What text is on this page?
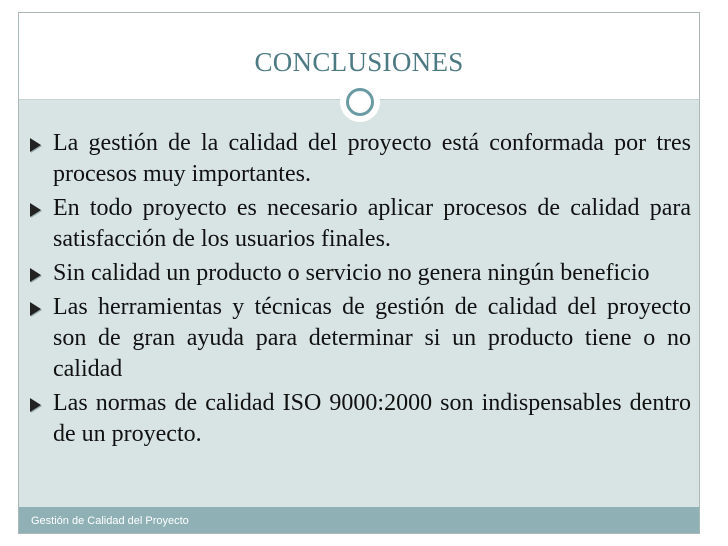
CONCLUSIONES
La gestión de la calidad del proyecto está conformada por tres procesos muy importantes.
En todo proyecto es necesario aplicar procesos de calidad para satisfacción de los usuarios finales.
Sin calidad un producto o servicio no genera ningún beneficio
Las herramientas y técnicas de gestión de calidad del proyecto son de gran ayuda para determinar si un producto tiene o no calidad
Las normas de calidad ISO 9000:2000 son indispensables dentro de un proyecto.
Gestión de Calidad del Proyecto
